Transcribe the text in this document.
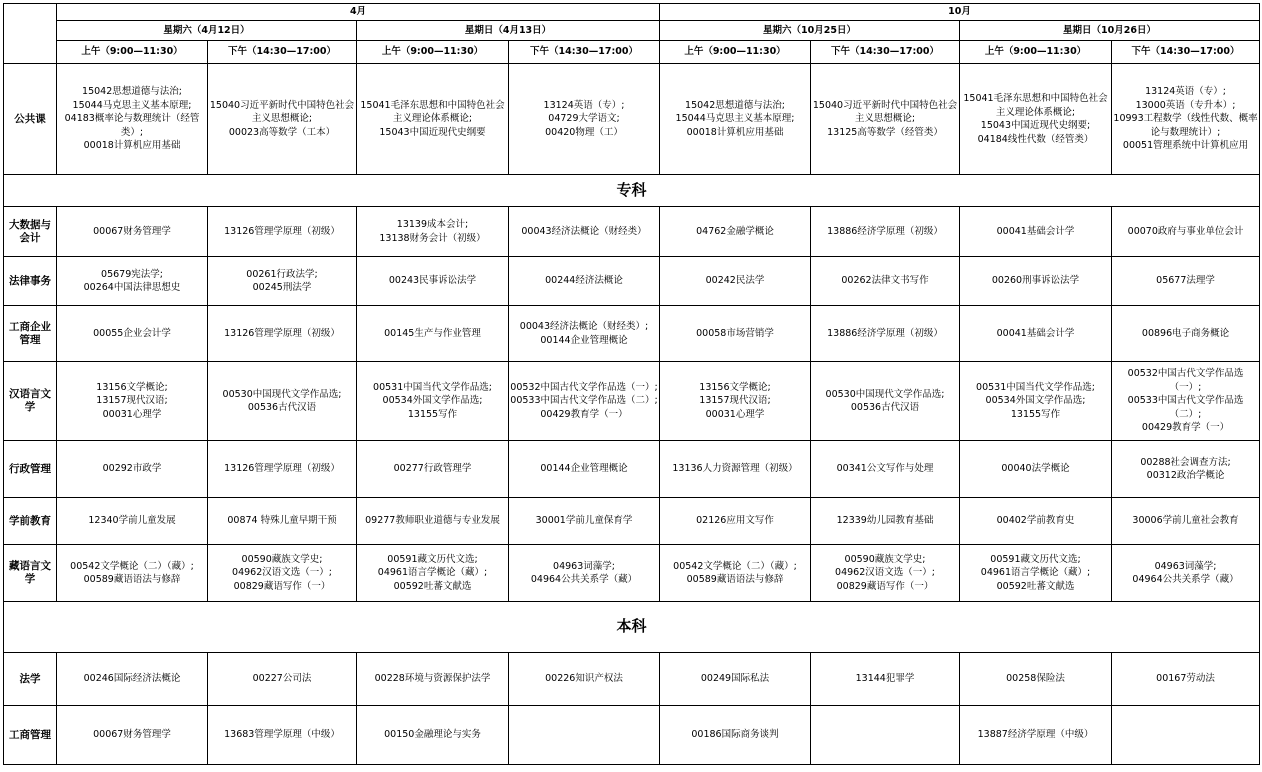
	4月				10月			
	星期六（4月12日）		星期日（4月13日）		星期六（10月25日）		星期日（10月26日）	
	上午（9:00—11:30）	下午（14:30—17:00）	上午（9:00—11:30）	下午（14:30—17:00）	上午（9:00—11:30）	下午（14:30—17:00）	上午（9:00—11:30）	下午（14:30—17:00）
公共课	15042思想道德与法治;
15044马克思主义基本原理;
04183概率论与数理统计（经管类）;
00018计算机应用基础	15040习近平新时代中国特色社会主义思想概论;
00023高等数学（工本）	15041毛泽东思想和中国特色社会主义理论体系概论;
15043中国近现代史纲要	13124英语（专）;
04729大学语文;
00420物理（工）	15042思想道德与法治;
15044马克思主义基本原理;
00018计算机应用基础	15040习近平新时代中国特色社会主义思想概论;
13125高等数学（经管类）	15041毛泽东思想和中国特色社会主义理论体系概论;
15043中国近现代史纲要;
04184线性代数（经管类）	13124英语（专）;
13000英语（专升本）;
10993工程数学（线性代数、概率论与数理统计）;
00051管理系统中计算机应用

专科								
大数据与会计	00067财务管理学	13126管理学原理（初级）	13139成本会计;
13138财务会计（初级）	00043经济法概论（财经类）	04762金融学概论	13886经济学原理（初级）	00041基础会计学	00070政府与事业单位会计

法律事务	05679宪法学;
00264中国法律思想史	00261行政法学;
00245刑法学	00243民事诉讼法学	00244经济法概论	00242民法学	00262法律文书写作	00260刑事诉讼法学	05677法理学

工商企业管理	00055企业会计学	13126管理学原理（初级）	00145生产与作业管理	00043经济法概论（财经类）;
00144企业管理概论	00058市场营销学	13886经济学原理（初级）	00041基础会计学	00896电子商务概论

汉语言文学	13156文学概论;
13157现代汉语;
00031心理学	00530中国现代文学作品选;
00536古代汉语	00531中国当代文学作品选;
00534外国文学作品选;
13155写作	00532中国古代文学作品选（一）;
00533中国古代文学作品选（二）;
00429教育学（一）	13156文学概论;
13157现代汉语;
00031心理学	00530中国现代文学作品选;
00536古代汉语	00531中国当代文学作品选;
00534外国文学作品选;
13155写作	00532中国古代文学作品选（一）;
00533中国古代文学作品选（二）;
00429教育学（一）

行政管理	00292市政学	13126管理学原理（初级）	00277行政管理学	00144企业管理概论	13136人力资源管理（初级）	00341公文写作与处理	00040法学概论	00288社会调查方法;
00312政治学概论

学前教育	12340学前儿童发展	00874 特殊儿童早期干预	09277教师职业道德与专业发展	30001学前儿童保育学	02126应用文写作	12339幼儿园教育基础	00402学前教育史	30006学前儿童社会教育

藏语言文学	00542文学概论（二）（藏）;
00589藏语语法与修辞	00590藏族文学史;
04962汉语文选（一）;
00829藏语写作（一）	00591藏文历代文选;
04961语言学概论（藏）;
00592吐蕃文献选	04963词藻学;
04964公共关系学（藏）	00542文学概论（二）（藏）;
00589藏语语法与修辞	00590藏族文学史;
04962汉语文选（一）;
00829藏语写作（一）	00591藏文历代文选;
04961语言学概论（藏）;
00592吐蕃文献选	04963词藻学;
04964公共关系学（藏）

本科								
法学	00246国际经济法概论	00227公司法	00228环境与资源保护法学	00226知识产权法	00249国际私法	13144犯罪学	00258保险法	00167劳动法

工商管理	00067财务管理学	13683管理学原理（中级）	00150金融理论与实务		00186国际商务谈判		13887经济学原理（中级）	
